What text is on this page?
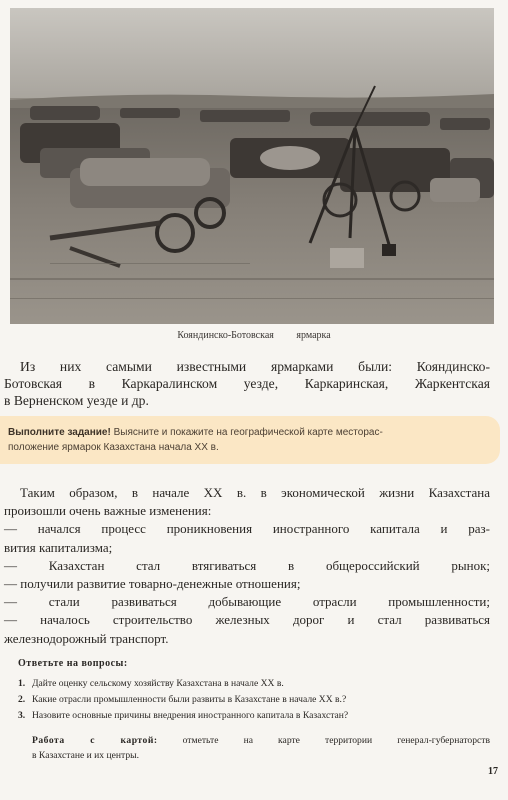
Кояндинско-Ботовская ярмарка

Из них самыми известными ярмарками были: Кояндинско-
Ботовская в Каркаралинском уезде, Каркаринская, Жаркентская
в Верненском уезде и др.

Выполните задание! Выясните и покажите на географической карте месторас-
положение ярмарок Казахстана начала XX в.

Таким образом, в начале XX в. в экономической жизни Казахстана
произошли очень важные изменения:
— начался процесс проникновения иностранного капитала и раз-
вития капитализма;
— Казахстан стал втягиваться в общероссийский рынок;
— получили развитие товарно-денежные отношения;
— стали развиваться добывающие отрасли промышленности;
— началось строительство железных дорог и стал развиваться
железнодорожный транспорт.

Ответьте на вопросы:
1. Дайте оценку сельскому хозяйству Казахстана в начале XX в.
2. Какие отрасли промышленности были развиты в Казахстане в начале XX в.?
3. Назовите основные причины внедрения иностранного капитала в Казахстан?
Работа с картой:	отметьте на карте территории генерал-губернаторств
в Казахстане и их центры.
17
